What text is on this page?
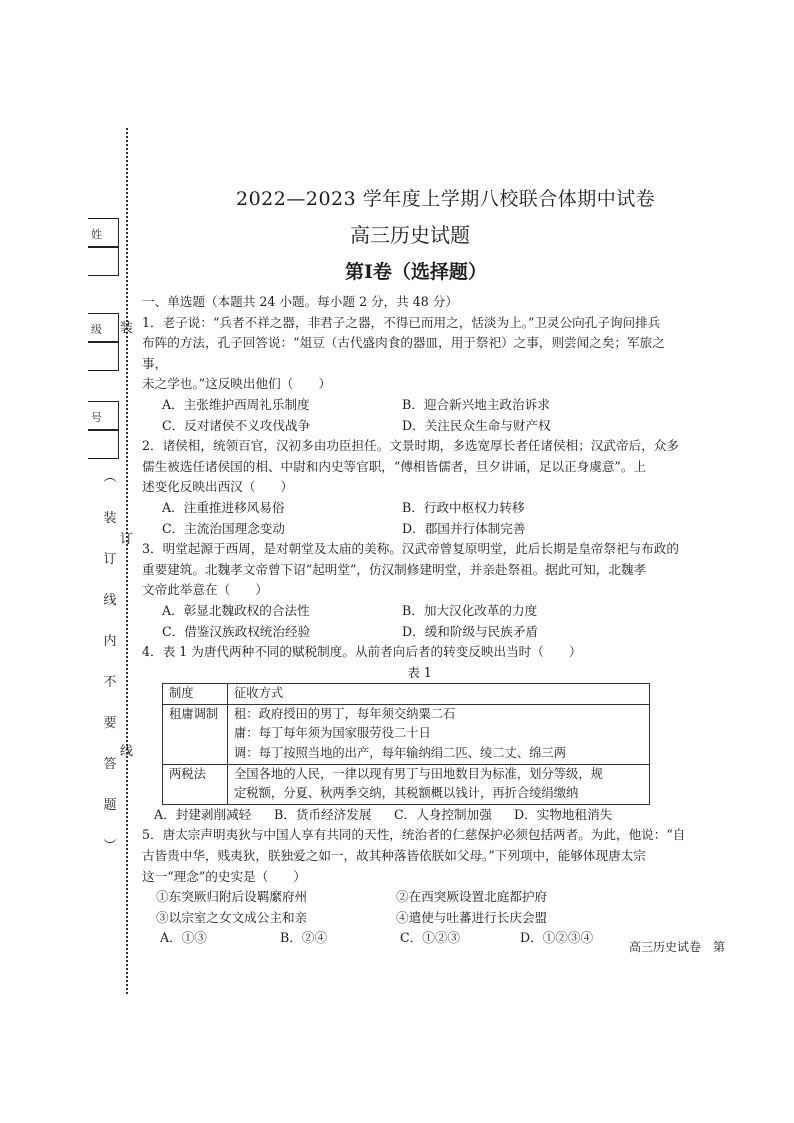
姓
级
号
装
订
线
︵
装
订
线
内
不
要
答
题
︶
2022—2023 学年度上学期八校联合体期中试卷
高三历史试题
第Ⅰ卷（选择题）

一、单选题（本题共 24 小题。每小题 2 分，共 48 分）

1．老子说：“兵者不祥之器，非君子之器，不得已而用之，恬淡为上。”卫灵公向孔子询问排兵

布阵的方法，孔子回答说：“俎豆（古代盛肉食的器皿，用于祭祀）之事，则尝闻之矣；军旅之事，

未之学也。”这反映出他们（　　）

A．主张维护西周礼乐制度	B．迎合新兴地主政治诉求
C．反对诸侯不义攻伐战争	D．关注民众生命与财产权

2．诸侯相，统领百官，汉初多由功臣担任。文景时期，多选宽厚长者任诸侯相；汉武帝后，众多

儒生被选任诸侯国的相、中尉和内史等官职，“傅相皆儒者，旦夕讲诵，足以正身虞意”。上

述变化反映出西汉（　　）

A．注重推进移风易俗	B．行政中枢权力转移
C．主流治国理念变动	D．郡国并行体制完善

3．明堂起源于西周，是对朝堂及太庙的美称。汉武帝曾复原明堂，此后长期是皇帝祭祀与布政的

重要建筑。北魏孝文帝曾下诏“起明堂”，仿汉制修建明堂，并亲赴祭祖。据此可知，北魏孝

文帝此举意在（　　）

A．彰显北魏政权的合法性	B．加大汉化改革的力度
C．借鉴汉族政权统治经验	D．缓和阶级与民族矛盾

4．表 1 为唐代两种不同的赋税制度。从前者向后者的转变反映出当时（　　）

表 1

制度	征收方式
租庸调制	租：政府授田的男丁，每年须交纳粟二石
庸：每丁每年须为国家服劳役二十日
调：每丁按照当地的出产，每年输纳绢二匹、绫二丈、绵三两

两税法	全国各地的人民，一律以现有男丁与田地数目为标准，划分等级，规
定税额，分夏、秋两季交纳，其税额概以钱计，再折合绫绢缴纳
A．封建剥削减轻	B．货币经济发展	C．人身控制加强	D．实物地租消失

5．唐太宗声明夷狄与中国人享有共同的天性，统治者的仁慈保护必须包括两者。为此，他说：“自

古皆贵中华，贱夷狄，朕独爱之如一，故其种落皆依朕如父母。”下列项中，能够体现唐太宗

这一“理念”的史实是（　　）

①东突厥归附后设羁縻府州	②在西突厥设置北庭都护府
③以宗室之女文成公主和亲	④遣使与吐蕃进行长庆会盟
A．①③	B．②④	C．①②③	D．①②③④
高三历史试卷　第
